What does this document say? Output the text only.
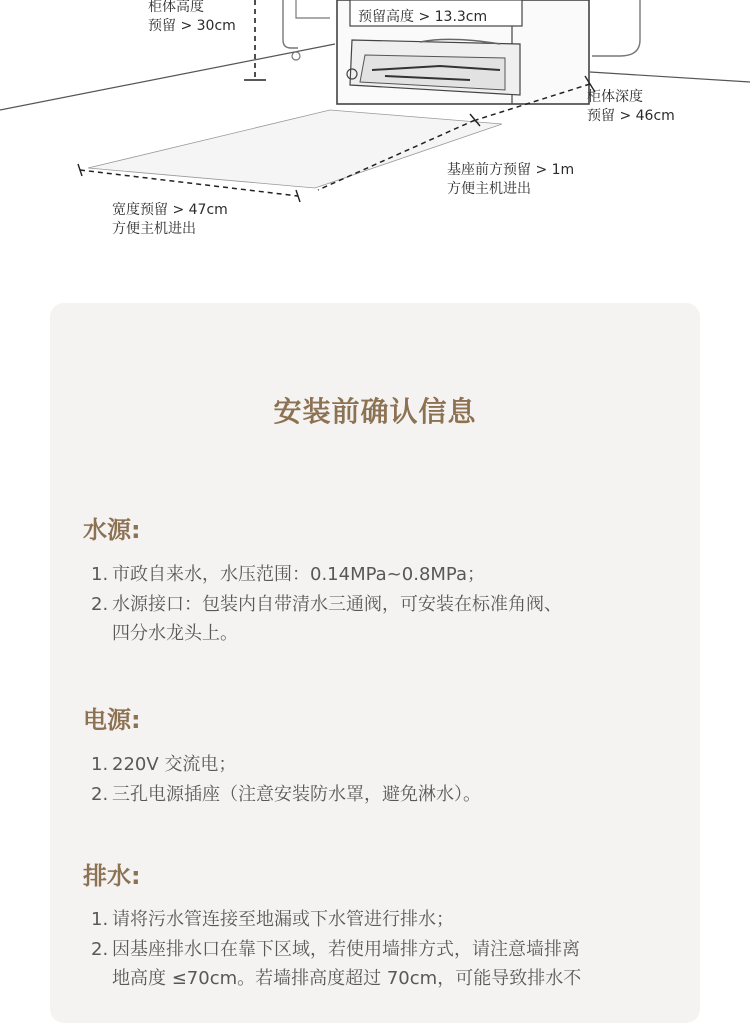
柜体高度
预留 > 30cm
预留高度 > 13.3cm
柜体深度
预留 > 46cm
基座前方预留 > 1m
方便主机进出
宽度预留 > 47cm
方便主机进出
安装前确认信息
水源:
1. 市政自来水，水压范围：0.14MPa~0.8MPa；
2. 水源接口：包装内自带清水三通阀，可安装在标准角阀、
四分水龙头上。
电源:
1. 220V 交流电；
2. 三孔电源插座（注意安装防水罩，避免淋水）。
排水:
1. 请将污水管连接至地漏或下水管进行排水；
2. 因基座排水口在靠下区域，若使用墙排方式，请注意墙排离
地高度 ≤70cm。若墙排高度超过 70cm，可能导致排水不
